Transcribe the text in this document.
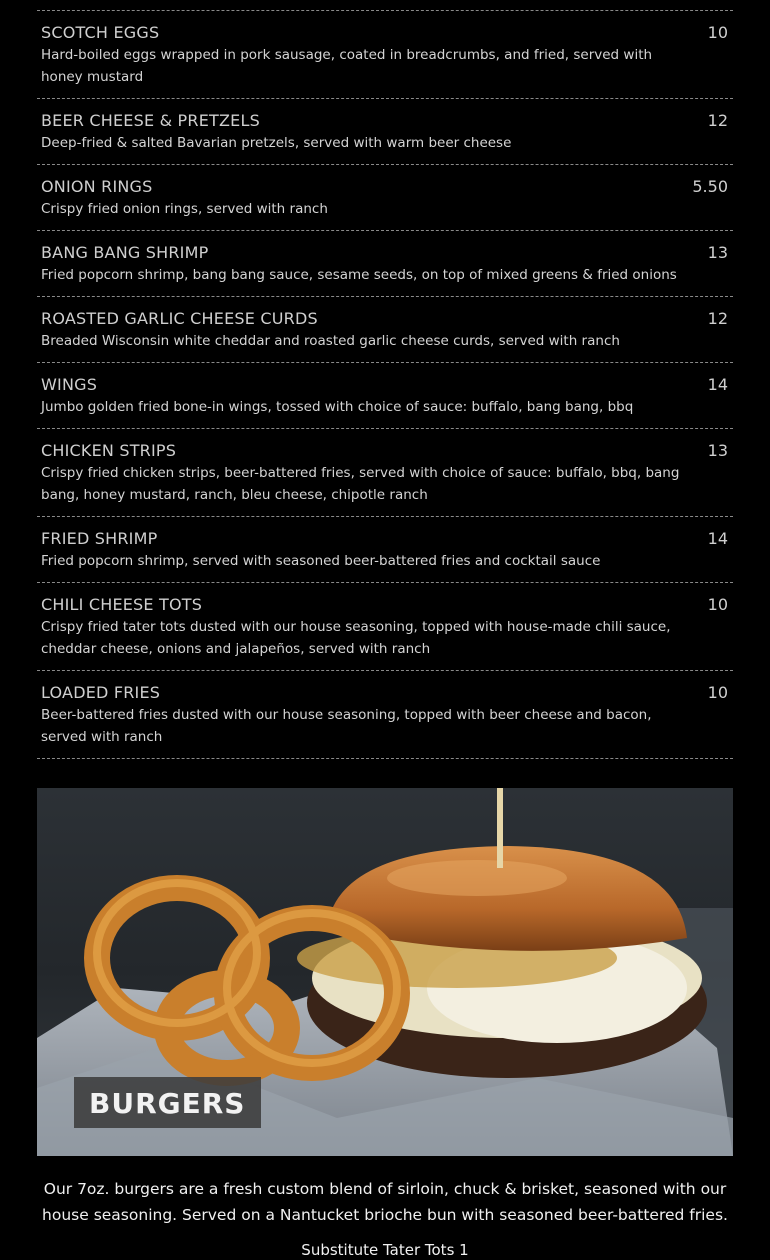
SCOTCH EGGS	10
Hard-boiled eggs wrapped in pork sausage, coated in breadcrumbs, and fried, served with honey mustard
BEER CHEESE & PRETZELS	12
Deep-fried & salted Bavarian pretzels, served with warm beer cheese
ONION RINGS	5.50
Crispy fried onion rings, served with ranch
BANG BANG SHRIMP	13
Fried popcorn shrimp, bang bang sauce, sesame seeds, on top of mixed greens & fried onions
ROASTED GARLIC CHEESE CURDS	12
Breaded Wisconsin white cheddar and roasted garlic cheese curds, served with ranch
WINGS	14
Jumbo golden fried bone-in wings, tossed with choice of sauce: buffalo, bang bang, bbq
CHICKEN STRIPS	13
Crispy fried chicken strips, beer-battered fries, served with choice of sauce: buffalo, bbq, bang bang, honey mustard, ranch, bleu cheese, chipotle ranch
FRIED SHRIMP	14
Fried popcorn shrimp, served with seasoned beer-battered fries and cocktail sauce
CHILI CHEESE TOTS	10
Crispy fried tater tots dusted with our house seasoning, topped with house-made chili sauce, cheddar cheese, onions and jalapeños, served with ranch
LOADED FRIES	10
Beer-battered fries dusted with our house seasoning, topped with beer cheese and bacon, served with ranch
BURGERS
Our 7oz. burgers are a fresh custom blend of sirloin, chuck & brisket, seasoned with our house seasoning. Served on a Nantucket brioche bun with seasoned beer-battered fries.
Substitute Tater Tots 1
